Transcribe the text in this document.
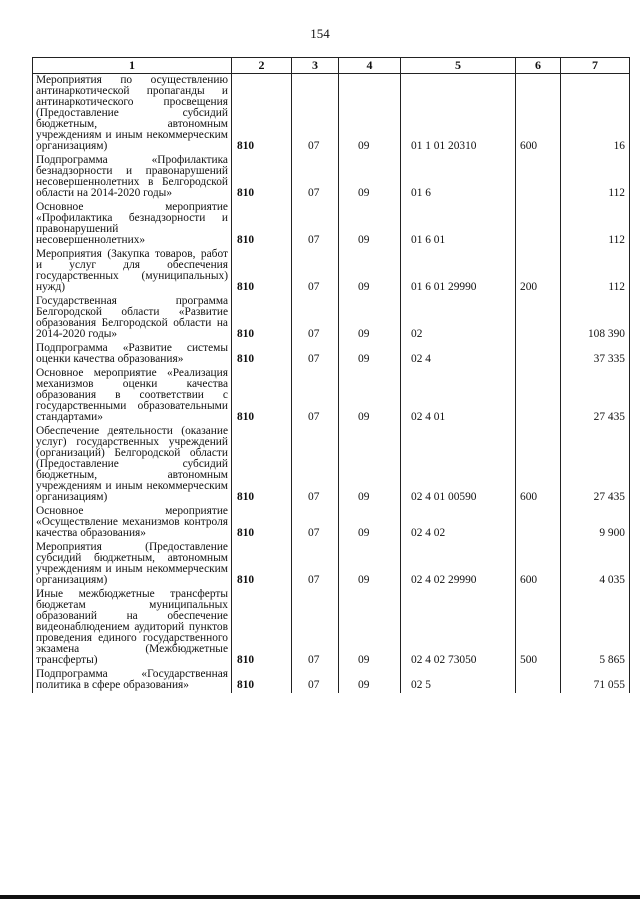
154
1	2	3	4	5	6	7
Мероприятия по осуществлению антинаркотической пропаганды и антинаркотического просвещения (Предоставление субсидий бюджетным, автономным учреждениям и иным некоммерческим организациям)	810	07	09	01 1 01 20310	600	16
Подпрограмма «Профилактика безнадзорности и правонарушений несовершеннолетних в Белгородской области на 2014-2020 годы»	810	07	09	01 6		112
Основное мероприятие «Профилактика безнадзорности и правонарушений несовершеннолетних»	810	07	09	01 6 01		112
Мероприятия (Закупка товаров, работ и услуг для обеспечения государственных (муниципальных) нужд)	810	07	09	01 6 01 29990	200	112
Государственная программа Белгородской области «Развитие образования Белгородской области на 2014-2020 годы»	810	07	09	02		108 390
Подпрограмма «Развитие системы оценки качества образования»	810	07	09	02 4		37 335
Основное мероприятие «Реализация механизмов оценки качества образования в соответствии с государственными образовательными стандартами»	810	07	09	02 4 01		27 435
Обеспечение деятельности (оказание услуг) государственных учреждений (организаций) Белгородской области (Предоставление субсидий бюджетным, автономным учреждениям и иным некоммерческим организациям)	810	07	09	02 4 01 00590	600	27 435
Основное мероприятие «Осуществление механизмов контроля качества образования»	810	07	09	02 4 02		9 900
Мероприятия (Предоставление субсидий бюджетным, автономным учреждениям и иным некоммерческим организациям)	810	07	09	02 4 02 29990	600	4 035
Иные межбюджетные трансферты бюджетам муниципальных образований на обеспечение видеонаблюдением аудиторий пунктов проведения единого государственного экзамена (Межбюджетные трансферты)	810	07	09	02 4 02 73050	500	5 865
Подпрограмма «Государственная политика в сфере образования»	810	07	09	02 5		71 055
